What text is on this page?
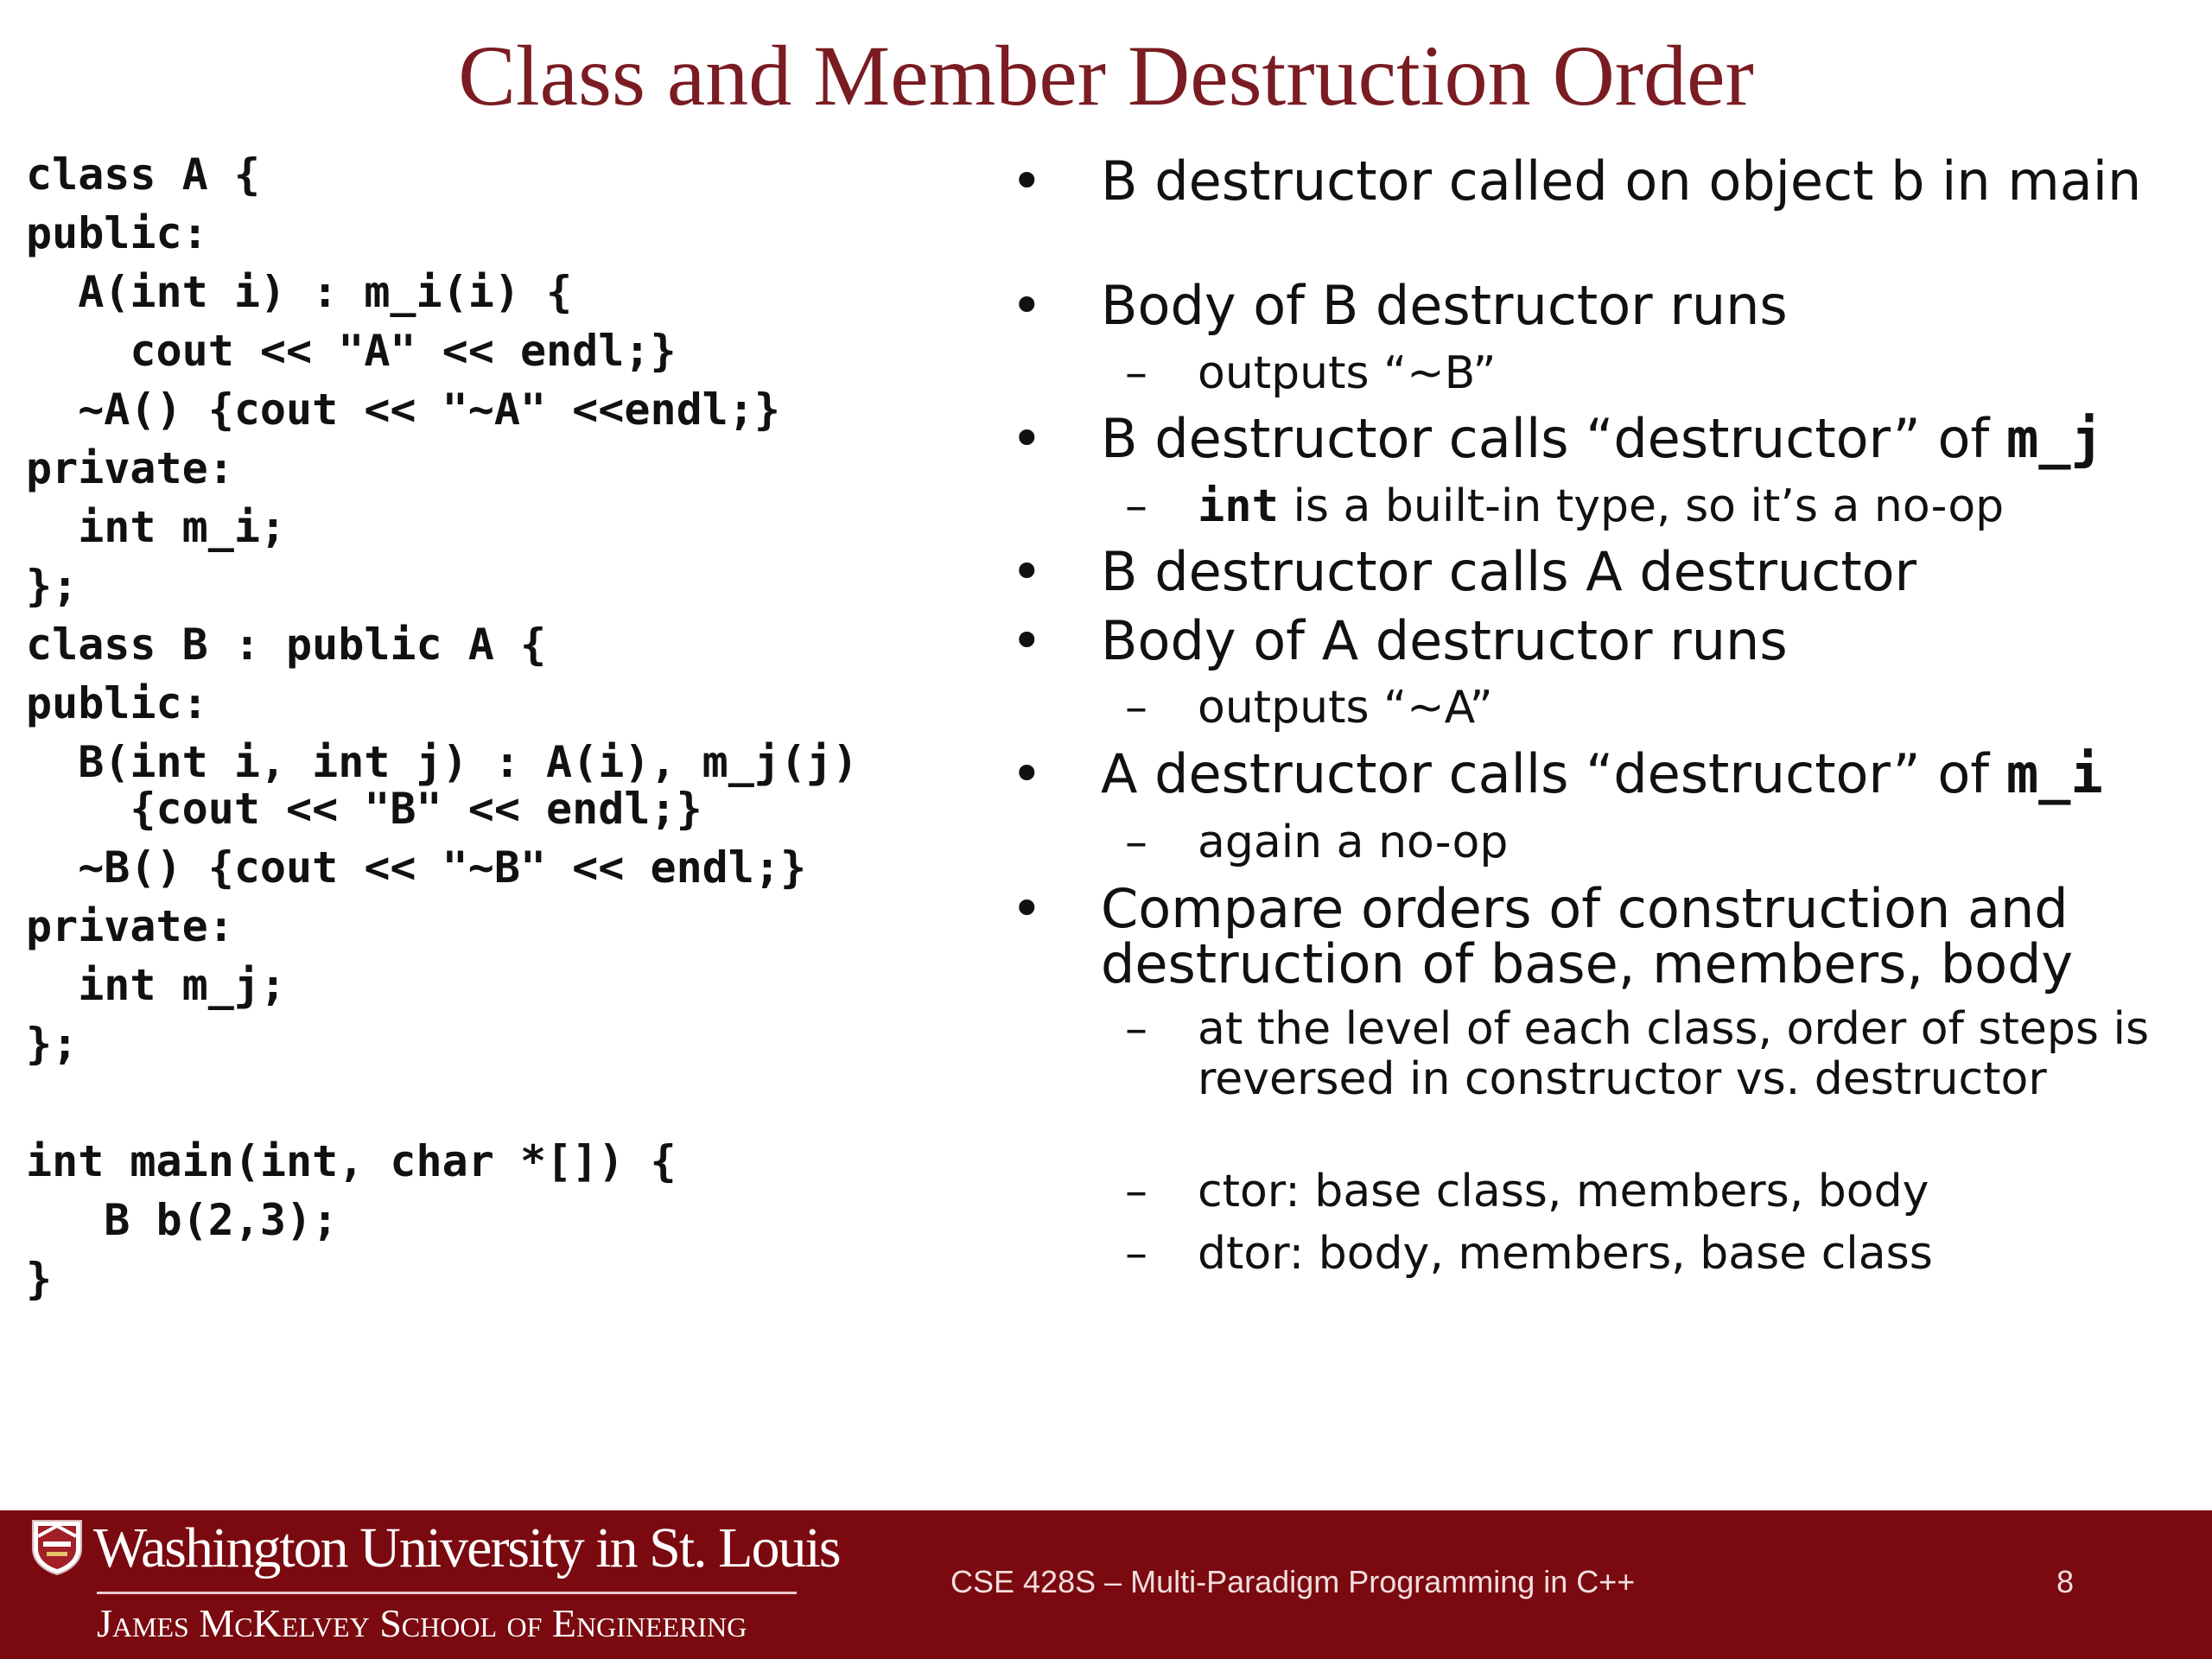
Class and Member Destruction Order
class A {
public:
A(int i) : m_i(i) {
cout << "A" << endl;}
~A() {cout << "~A" <<endl;}
private:
int m_i;
};
class B : public A {
public:
B(int i, int j) : A(i), m_j(j)
{cout << "B" << endl;}
~B() {cout << "~B" << endl;}
private:
int m_j;
};
int main(int, char *[]) {
B b(2,3);
}
• B destructor called on object b in main
• Body of B destructor runs
– outputs “~B”
• B destructor calls “destructor” of m_j
– int is a built-in type, so it’s a no-op
• B destructor calls A destructor
• Body of A destructor runs
– outputs “~A”
• A destructor calls “destructor” of m_i
– again a no-op
• Compare orders of construction and destruction of base, members, body
– at the level of each class, order of steps is reversed in constructor vs. destructor
– ctor: base class, members, body
– dtor: body, members, base class
Washington University in St. Louis
James McKelvey School of Engineering
CSE 428S – Multi-Paradigm Programming in C++	8
